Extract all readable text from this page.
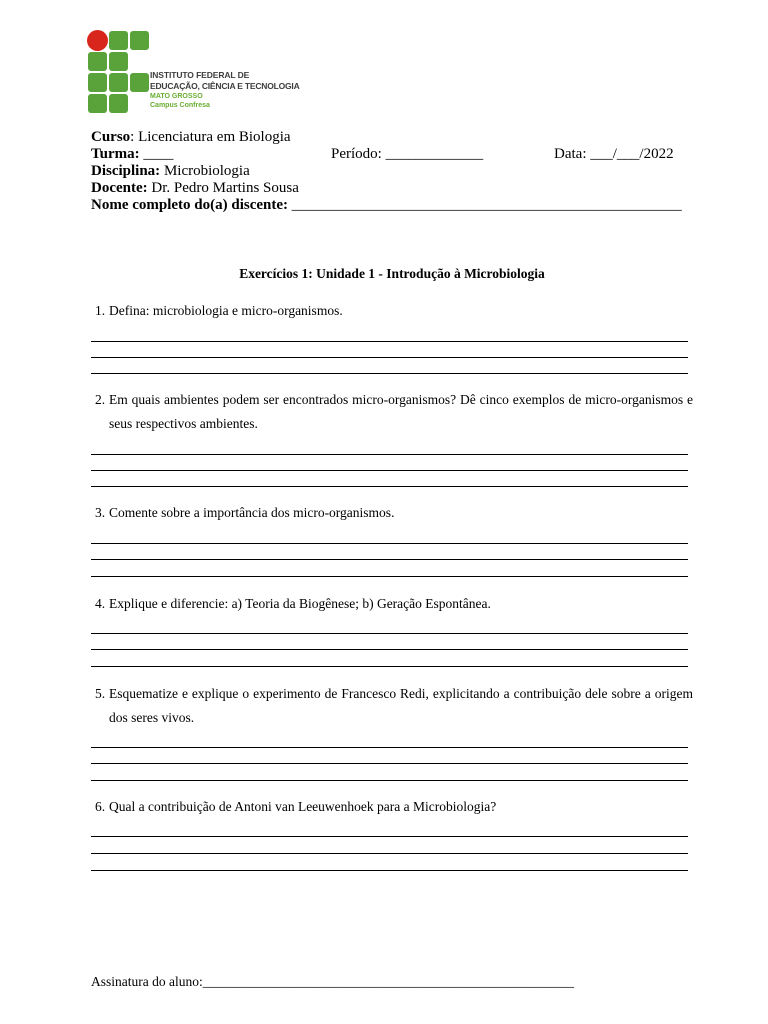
INSTITUTO FEDERAL DE
EDUCAÇÃO, CIÊNCIA E TECNOLOGIA
MATO GROSSO
Campus Confresa
Curso: Licenciatura em Biologia
Turma: ____	Período: _____________	Data: ___/___/2022
Disciplina: Microbiologia
Docente: Dr. Pedro Martins Sousa
Nome completo do(a) discente: ____________________________________________________
Exercícios 1: Unidade 1 - Introdução à Microbiologia
1. Defina: microbiologia e micro-organismos.
2. Em quais ambientes podem ser encontrados micro-organismos? Dê cinco exemplos de micro-organismos e seus respectivos ambientes.
3. Comente sobre a importância dos micro-organismos.
4. Explique e diferencie: a) Teoria da Biogênese; b) Geração Espontânea.
5. Esquematize e explique o experimento de Francesco Redi, explicitando a contribuição dele sobre a origem dos seres vivos.
6. Qual a contribuição de Antoni van Leeuwenhoek para a Microbiologia?
Assinatura do aluno:_______________________________________________________
